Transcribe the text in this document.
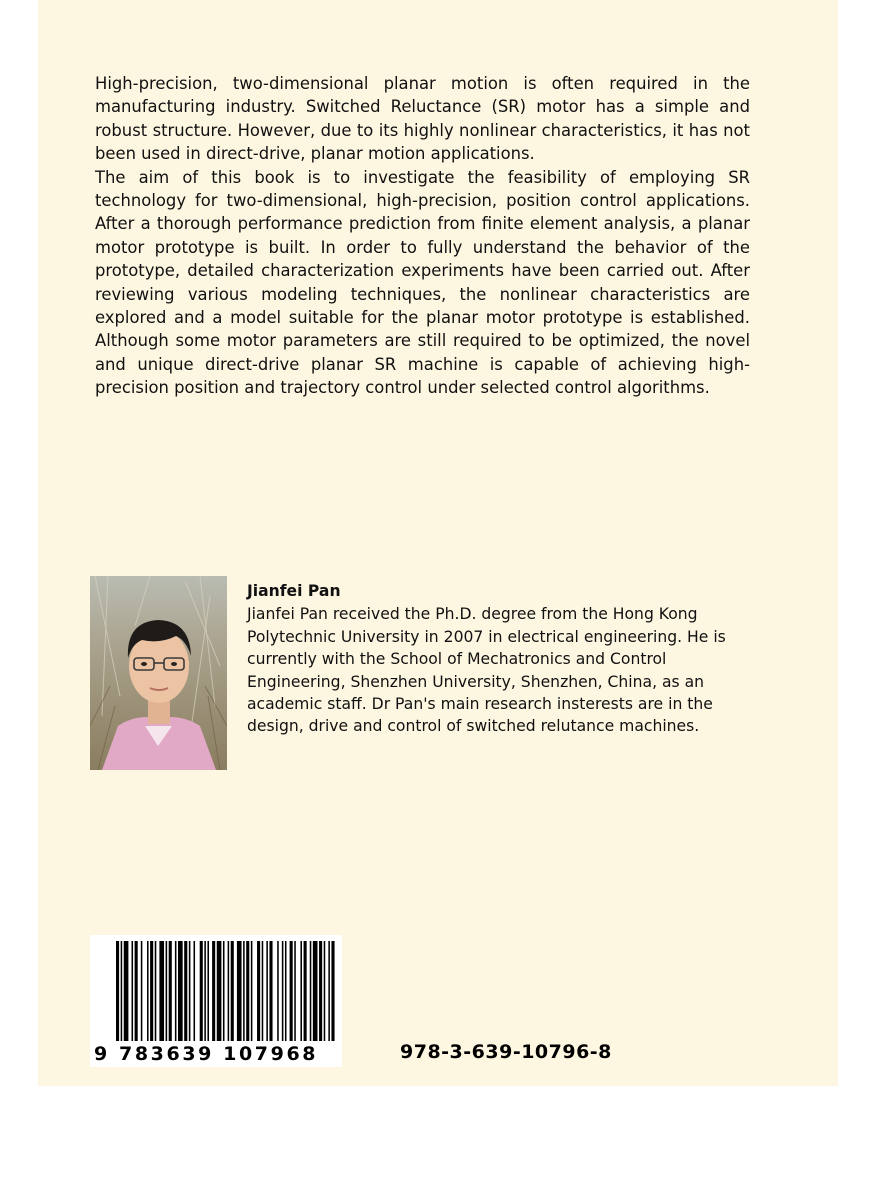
High-precision, two-dimensional planar motion is often required in the manufacturing industry. Switched Reluctance (SR) motor has a simple and robust structure. However, due to its highly nonlinear characteristics, it has not been used in direct-drive, planar motion applications.

The aim of this book is to investigate the feasibility of employing SR technology for two-dimensional, high-precision, position control applications. After a thorough performance prediction from finite element analysis, a planar motor prototype is built. In order to fully understand the behavior of the prototype, detailed characterization experiments have been carried out. After reviewing various modeling techniques, the nonlinear characteristics are explored and a model suitable for the planar motor prototype is established. Although some motor parameters are still required to be optimized, the novel and unique direct-drive planar SR machine is capable of achieving high-precision position and trajectory control under selected control algorithms.

Jianfei Pan

Jianfei Pan received the Ph.D. degree from the Hong Kong Polytechnic University in 2007 in electrical engineering. He is currently with the School of Mechatronics and Control Engineering, Shenzhen University, Shenzhen, China, as an academic staff. Dr Pan's main research insterests are in the design, drive and control of switched relutance machines.

9 783639 107968	978-3-639-10796-8
